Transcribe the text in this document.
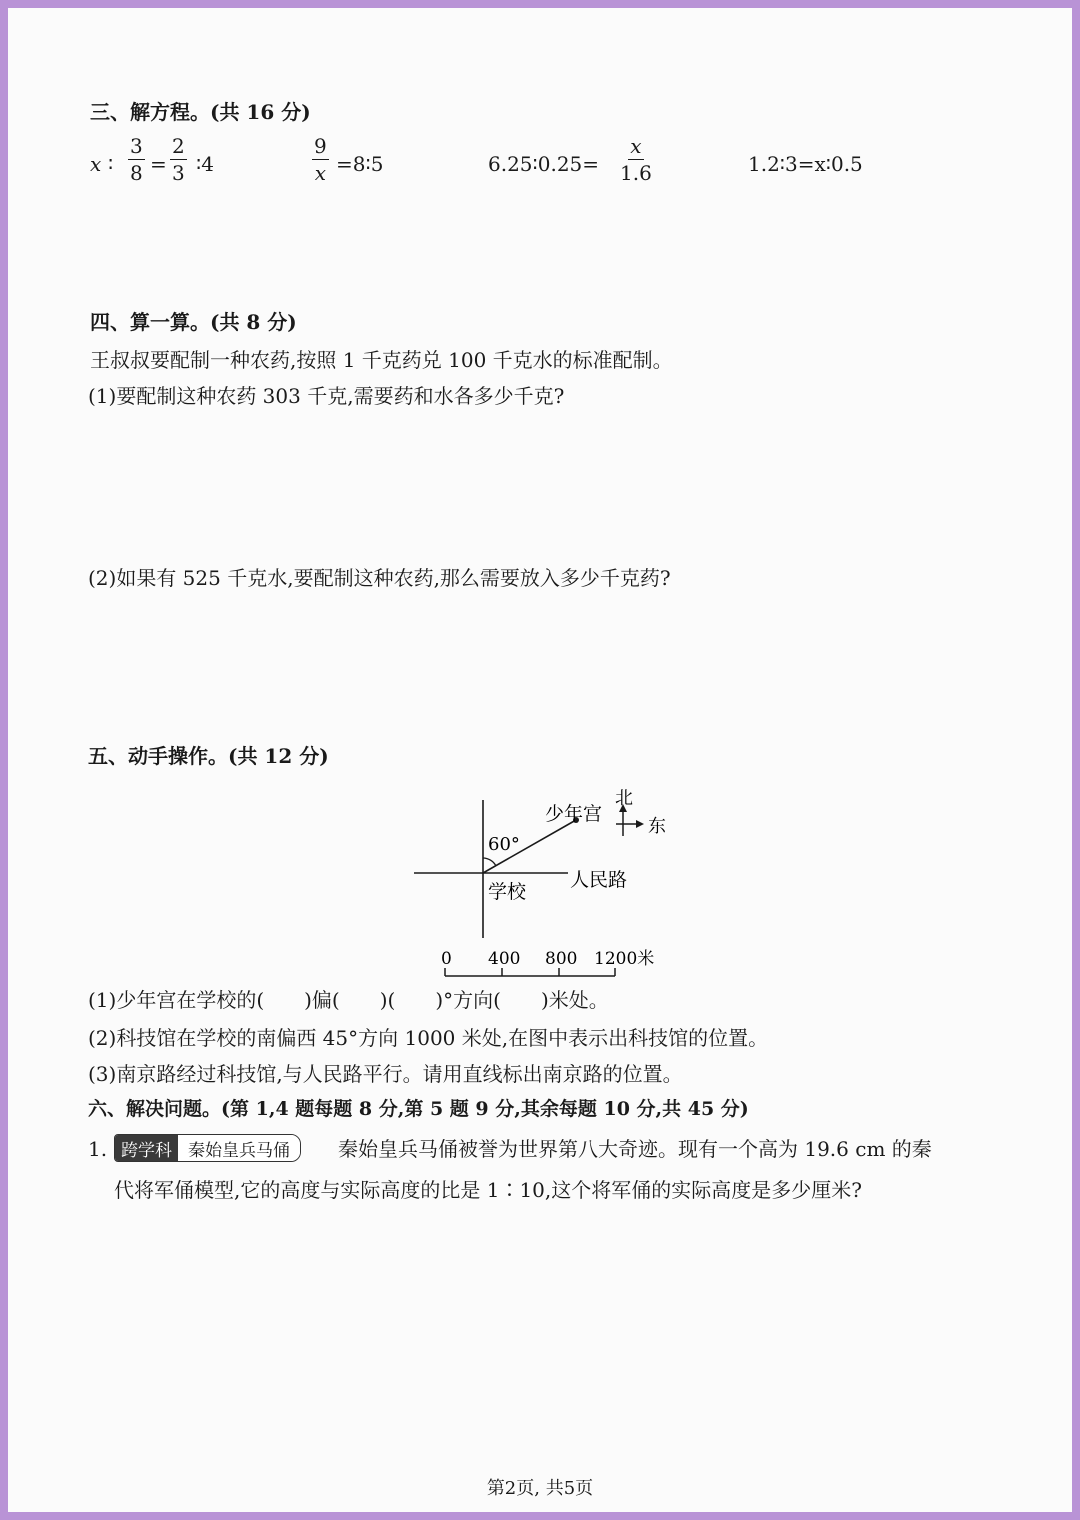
三、解方程。(共 16 分)
x ∶ $\frac{3}{8} = \frac{2}{3}$ ∶4	$\frac{9}{x}$ =8∶5	6.25∶0.25= $\frac{x}{1.6}$	1.2∶3=x∶0.5
四、算一算。(共 8 分)
王叔叔要配制一种农药,按照 1 千克药兑 100 千克水的标准配制。
(1)要配制这种农药 303 千克,需要药和水各多少千克?
(2)如果有 525 千克水,要配制这种农药,那么需要放入多少千克药?
五、动手操作。(共 12 分)
少年宫
北
东
60°
人民路
学校
0 400 800 1200米
(1)少年宫在学校的(　　)偏(　　)(　　)°方向(　　)米处。
(2)科技馆在学校的南偏西 45°方向 1000 米处,在图中表示出科技馆的位置。
(3)南京路经过科技馆,与人民路平行。请用直线标出南京路的位置。
六、解决问题。(第 1,4 题每题 8 分,第 5 题 9 分,其余每题 10 分,共 45 分)
1. 跨学科 秦始皇兵马俑	秦始皇兵马俑被誉为世界第八大奇迹。现有一个高为 19.6 cm 的秦
代将军俑模型,它的高度与实际高度的比是 1∶10,这个将军俑的实际高度是多少厘米?
第2页, 共5页
